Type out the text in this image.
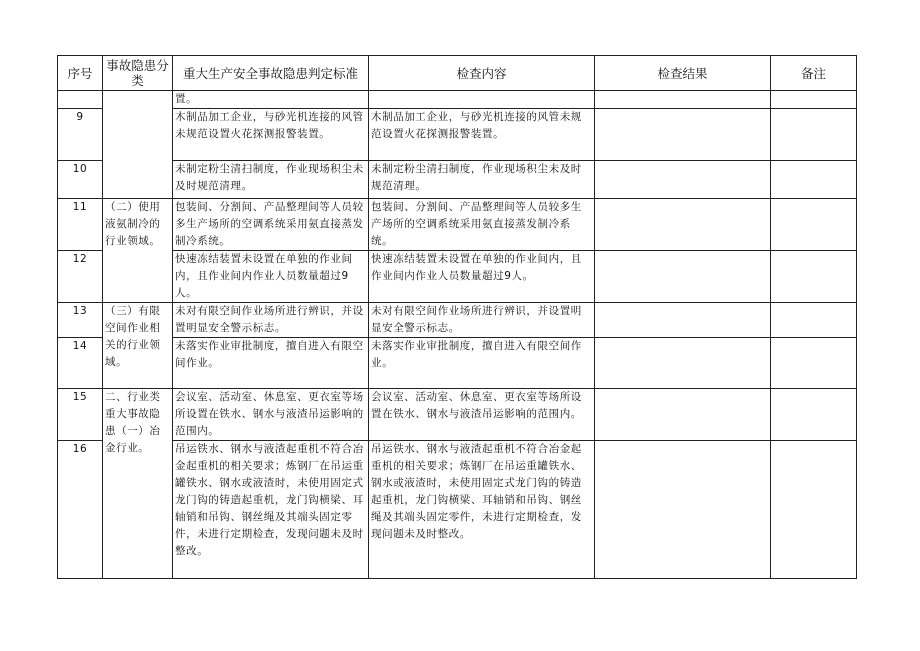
序号	事故隐患分类	重大生产安全事故隐患判定标准	检查内容	检查结果	备注
		置。			
9		木制品加工企业，与砂光机连接的风管未规范设置火花探测报警装置。	木制品加工企业，与砂光机连接的风管未规范设置火花探测报警装置。		
10		未制定粉尘清扫制度，作业现场积尘未及时规范清理。	未制定粉尘清扫制度，作业现场积尘未及时规范清理。		
11	（二）使用液氨制冷的行业领域。	包装间、分割间、产品整理间等人员较多生产场所的空调系统采用氨直接蒸发制冷系统。	包装间、分割间、产品整理间等人员较多生产场所的空调系统采用氨直接蒸发制冷系统。		
12		快速冻结装置未设置在单独的作业间内，且作业间内作业人员数量超过9人。	快速冻结装置未设置在单独的作业间内，且作业间内作业人员数量超过9人。		
13	（三）有限空间作业相关的行业领域。	未对有限空间作业场所进行辨识，并设置明显安全警示标志。	未对有限空间作业场所进行辨识，并设置明显安全警示标志。		
14		未落实作业审批制度，擅自进入有限空间作业。	未落实作业审批制度，擅自进入有限空间作业。		
15	二、行业类重大事故隐患（一）冶金行业。	会议室、活动室、休息室、更衣室等场所设置在铁水、钢水与液渣吊运影响的范围内。	会议室、活动室、休息室、更衣室等场所设置在铁水、钢水与液渣吊运影响的范围内。		
16		吊运铁水、钢水与液渣起重机不符合冶金起重机的相关要求；炼钢厂在吊运重罐铁水、钢水或液渣时，未使用固定式龙门钩的铸造起重机，龙门钩横梁、耳轴销和吊钩、钢丝绳及其端头固定零件，未进行定期检查，发现问题未及时整改。	吊运铁水、钢水与液渣起重机不符合冶金起重机的相关要求；炼钢厂在吊运重罐铁水、钢水或液渣时，未使用固定式龙门钩的铸造起重机，龙门钩横梁、耳轴销和吊钩、钢丝绳及其端头固定零件，未进行定期检查，发现问题未及时整改。		
